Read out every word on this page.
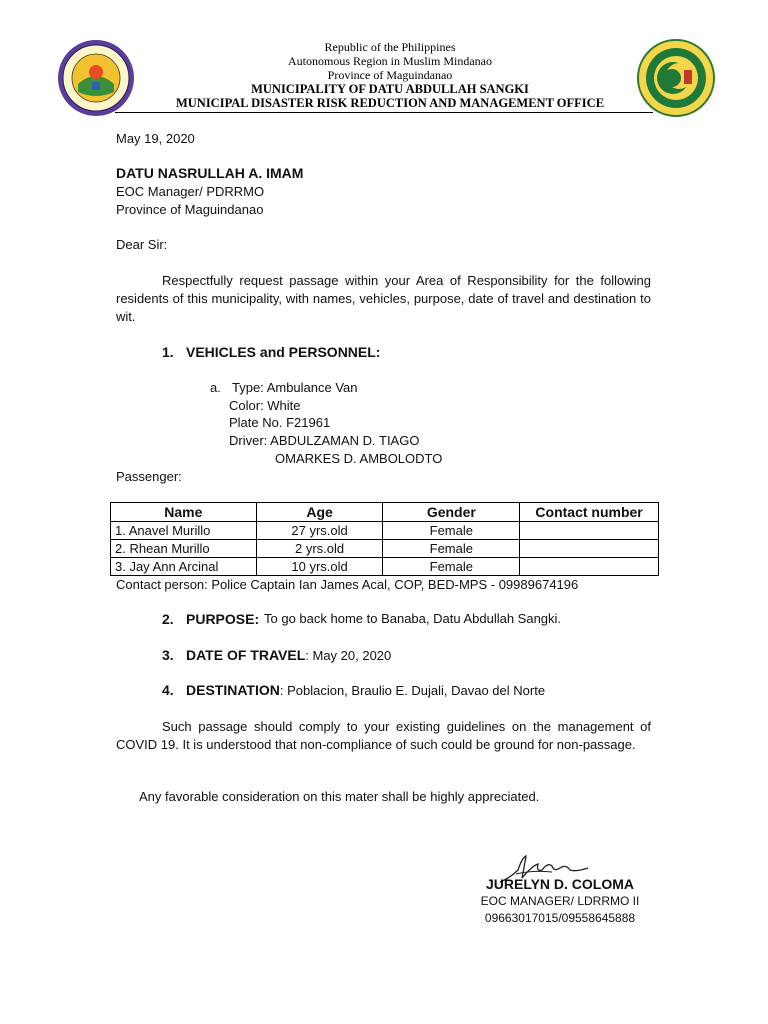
Republic of the Philippines
Autonomous Region in Muslim Mindanao
Province of Maguindanao
MUNICIPALITY OF DATU ABDULLAH SANGKI
MUNICIPAL DISASTER RISK REDUCTION AND MANAGEMENT OFFICE
May 19, 2020
DATU NASRULLAH A. IMAM
EOC Manager/ PDRRMO
Province of Maguindanao
Dear Sir:
Respectfully request passage within your Area of Responsibility for the following residents of this municipality, with names, vehicles, purpose, date of travel and destination to wit.
1. VEHICLES and PERSONNEL:
a. Type: Ambulance Van
Color: White
Plate No. F21961
Driver: ABDULZAMAN D. TIAGO
OMARKES D. AMBOLODTO
Passenger:
Name	Age	Gender	Contact number
1. Anavel Murillo	27 yrs.old	Female	
2. Rhean Murillo	2 yrs.old	Female	
3. Jay Ann Arcinal	10 yrs.old	Female	
Contact person: Police Captain Ian James Acal, COP, BED-MPS - 09989674196
2. PURPOSE: To go back home to Banaba, Datu Abdullah Sangki.
3. DATE OF TRAVEL: May 20, 2020
4. DESTINATION: Poblacion, Braulio E. Dujali, Davao del Norte
Such passage should comply to your existing guidelines on the management of COVID 19. It is understood that non-compliance of such could be ground for non-passage.
Any favorable consideration on this mater shall be highly appreciated.
JURELYN D. COLOMA
EOC MANAGER/ LDRRMO II
09663017015/09558645888
